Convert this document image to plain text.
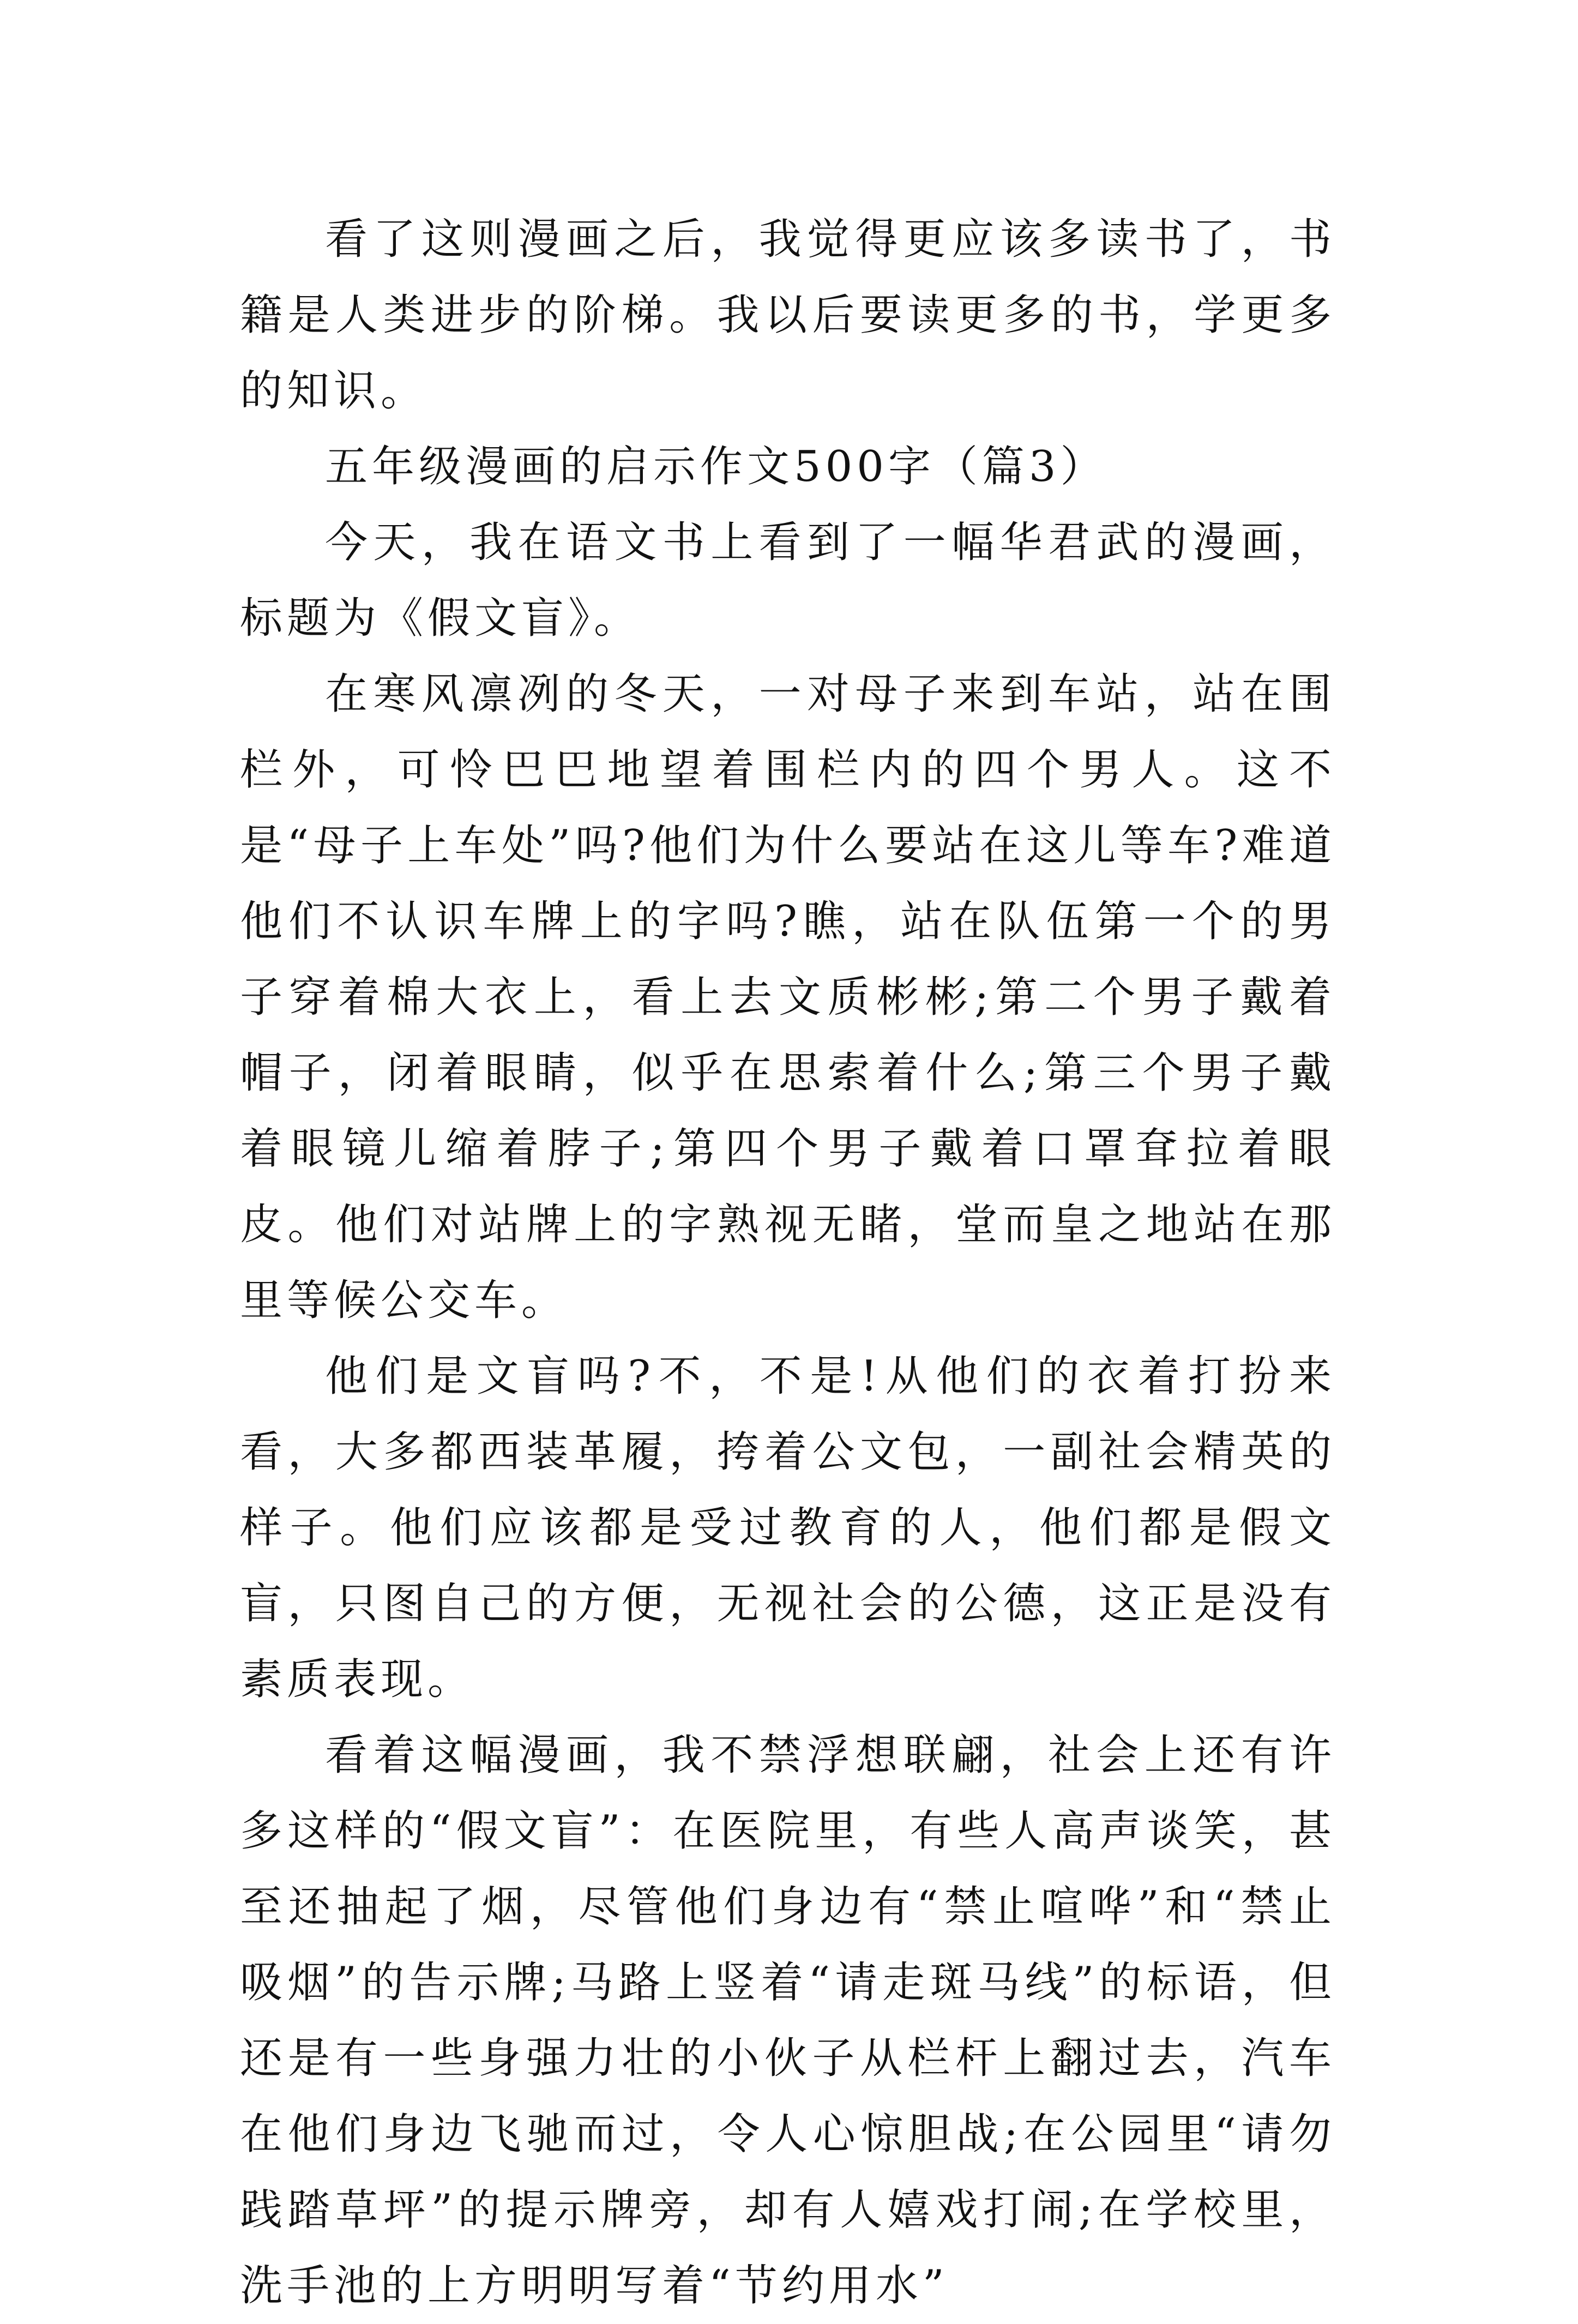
看了这则漫画之后，我觉得更应该多读书了，书籍是人类进步的阶梯。我以后要读更多的书，学更多的知识。

五年级漫画的启示作文500字（篇3）

今天，我在语文书上看到了一幅华君武的漫画，标题为《假文盲》。

在寒风凛冽的冬天，一对母子来到车站，站在围栏外，可怜巴巴地望着围栏内的四个男人。这不是“母子上车处”吗?他们为什么要站在这儿等车?难道他们不认识车牌上的字吗?瞧，站在队伍第一个的男子穿着棉大衣上，看上去文质彬彬;第二个男子戴着帽子，闭着眼睛，似乎在思索着什么;第三个男子戴着眼镜儿缩着脖子;第四个男子戴着口罩耷拉着眼皮。他们对站牌上的字熟视无睹，堂而皇之地站在那里等候公交车。

他们是文盲吗?不，不是!从他们的衣着打扮来看，大多都西装革履，挎着公文包，一副社会精英的样子。他们应该都是受过教育的人，他们都是假文盲，只图自己的方便，无视社会的公德，这正是没有素质表现。

看着这幅漫画，我不禁浮想联翩，社会上还有许多这样的“假文盲”：在医院里，有些人高声谈笑，甚至还抽起了烟，尽管他们身边有“禁止喧哗”和“禁止吸烟”的告示牌;马路上竖着“请走斑马线”的标语，但还是有一些身强力壮的小伙子从栏杆上翻过去，汽车在他们身边飞驰而过，令人心惊胆战;在公园里“请勿践踏草坪”的提示牌旁，却有人嬉戏打闹;在学校里，洗手池的上方明明写着“节约用水”
